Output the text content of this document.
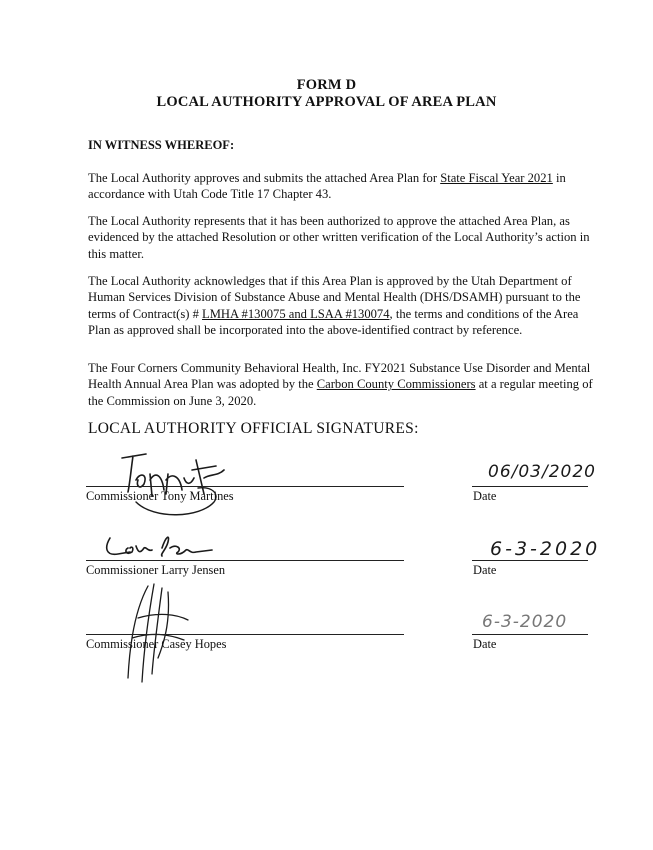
FORM D
LOCAL AUTHORITY APPROVAL OF AREA PLAN
IN WITNESS WHEREOF:

The Local Authority approves and submits the attached Area Plan for State Fiscal Year 2021 in accordance with Utah Code Title 17 Chapter 43.

The Local Authority represents that it has been authorized to approve the attached Area Plan, as evidenced by the attached Resolution or other written verification of the Local Authority’s action in this matter.

The Local Authority acknowledges that if this Area Plan is approved by the Utah Department of Human Services Division of Substance Abuse and Mental Health (DHS/DSAMH) pursuant to the terms of Contract(s) # LMHA #130075 and LSAA #130074, the terms and conditions of the Area Plan as approved shall be incorporated into the above-identified contract by reference.

The Four Corners Community Behavioral Health, Inc. FY2021 Substance Use Disorder and Mental Health Annual Area Plan was adopted by the Carbon County Commissioners at a regular meeting of the Commission on June 3, 2020.

LOCAL AUTHORITY OFFICIAL SIGNATURES:
Commissioner Tony Martines
06/03/2020
Date
Commissioner Larry Jensen
6-3-2020
Date
Commissioner Casey Hopes
6-3-2020
Date
